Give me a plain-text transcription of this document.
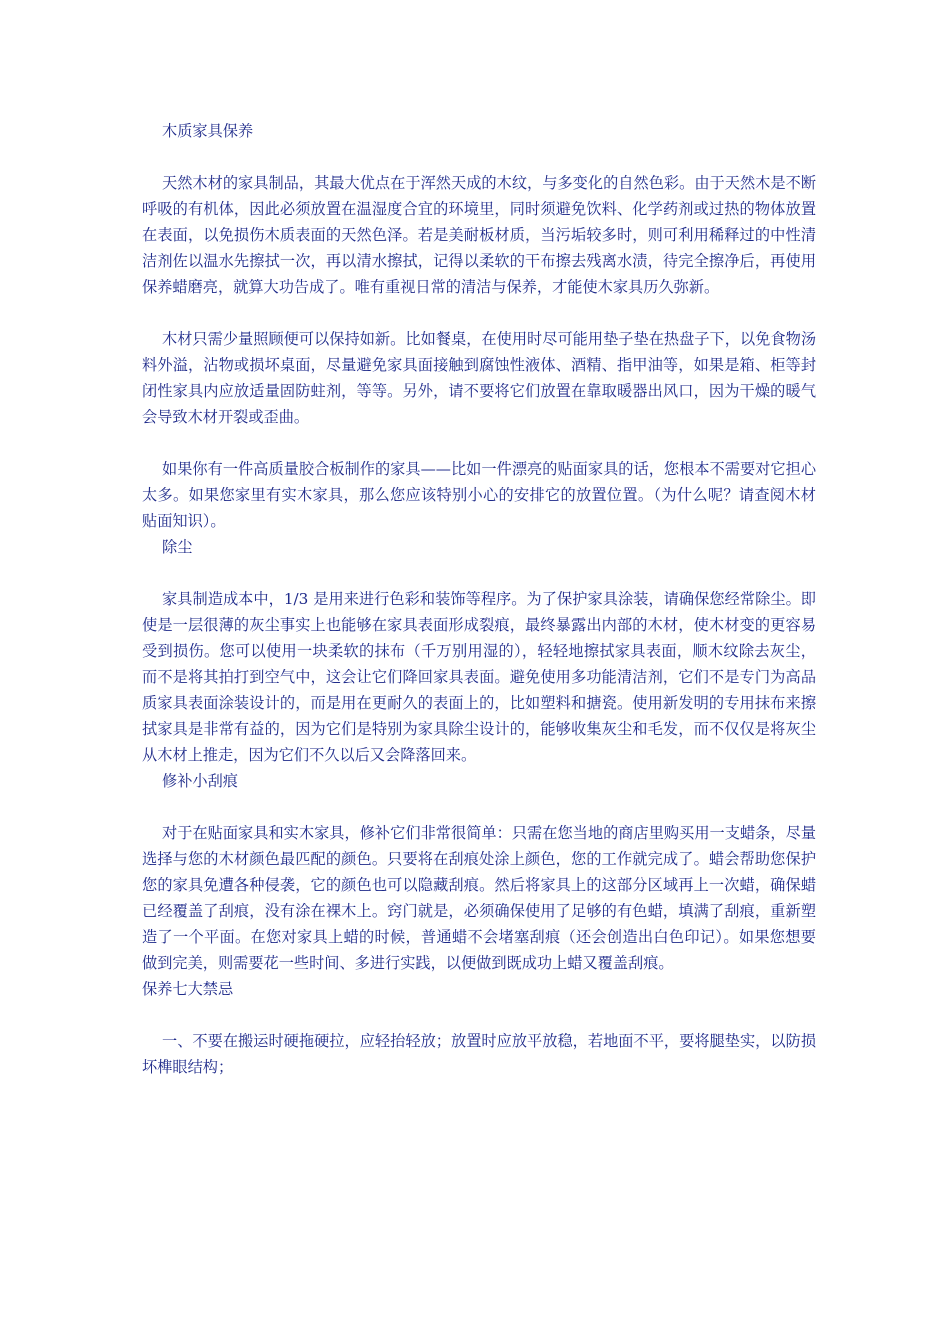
木质家具保养

天然木材的家具制品，其最大优点在于浑然天成的木纹，与多变化的自然色彩。由于天然木是不断呼吸的有机体，因此必须放置在温湿度合宜的环境里，同时须避免饮料、化学药剂或过热的物体放置在表面，以免损伤木质表面的天然色泽。若是美耐板材质，当污垢较多时，则可利用稀释过的中性清洁剂佐以温水先擦拭一次，再以清水擦拭，记得以柔软的干布擦去残离水渍，待完全擦净后，再使用保养蜡磨亮，就算大功告成了。唯有重视日常的清洁与保养，才能使木家具历久弥新。

木材只需少量照顾便可以保持如新。比如餐桌，在使用时尽可能用垫子垫在热盘子下，以免食物汤料外溢，沾物或损坏桌面，尽量避免家具面接触到腐蚀性液体、酒精、指甲油等，如果是箱、柜等封闭性家具内应放适量固防蛀剂，等等。另外，请不要将它们放置在靠取暖器出风口，因为干燥的暖气会导致木材开裂或歪曲。

如果你有一件高质量胶合板制作的家具——比如一件漂亮的贴面家具的话，您根本不需要对它担心太多。如果您家里有实木家具，那么您应该特别小心的安排它的放置位置。（为什么呢？请查阅木材贴面知识）。

除尘

家具制造成本中，1/3 是用来进行色彩和装饰等程序。为了保护家具涂装，请确保您经常除尘。即使是一层很薄的灰尘事实上也能够在家具表面形成裂痕，最终暴露出内部的木材，使木材变的更容易受到损伤。您可以使用一块柔软的抹布（千万别用湿的），轻轻地擦拭家具表面，顺木纹除去灰尘，而不是将其拍打到空气中，这会让它们降回家具表面。避免使用多功能清洁剂，它们不是专门为高品质家具表面涂装设计的，而是用在更耐久的表面上的，比如塑料和搪瓷。使用新发明的专用抹布来擦拭家具是非常有益的，因为它们是特别为家具除尘设计的，能够收集灰尘和毛发，而不仅仅是将灰尘从木材上推走，因为它们不久以后又会降落回来。

修补小刮痕

对于在贴面家具和实木家具，修补它们非常很简单：只需在您当地的商店里购买用一支蜡条，尽量选择与您的木材颜色最匹配的颜色。只要将在刮痕处涂上颜色，您的工作就完成了。蜡会帮助您保护您的家具免遭各种侵袭，它的颜色也可以隐藏刮痕。然后将家具上的这部分区域再上一次蜡，确保蜡已经覆盖了刮痕，没有涂在裸木上。窍门就是，必须确保使用了足够的有色蜡，填满了刮痕，重新塑造了一个平面。在您对家具上蜡的时候，普通蜡不会堵塞刮痕（还会创造出白色印记）。如果您想要做到完美，则需要花一些时间、多进行实践，以便做到既成功上蜡又覆盖刮痕。

保养七大禁忌

一、不要在搬运时硬拖硬拉，应轻抬轻放；放置时应放平放稳，若地面不平，要将腿垫实，以防损坏榫眼结构；
